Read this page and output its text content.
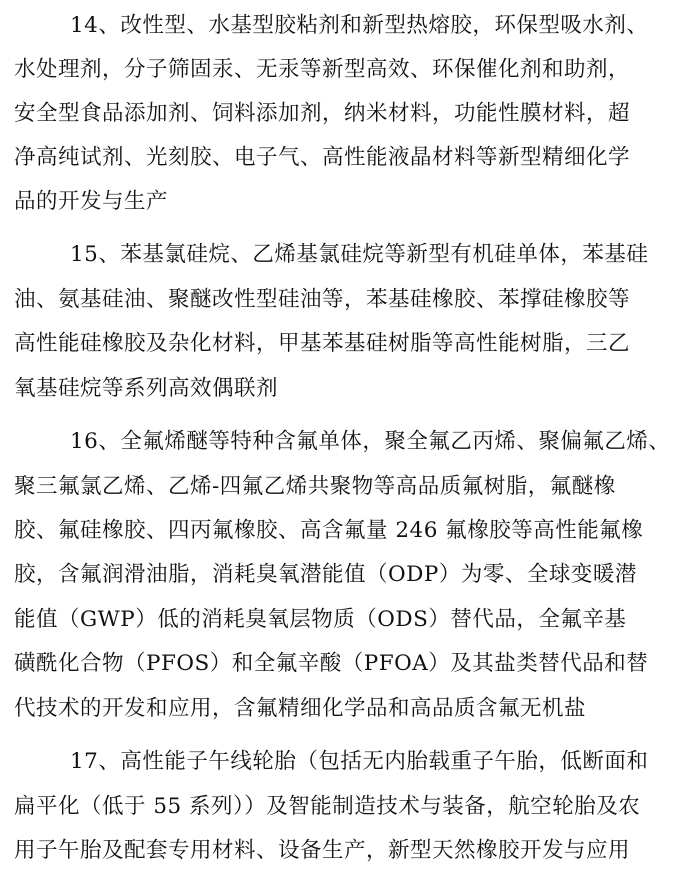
14、改性型、水基型胶粘剂和新型热熔胶，环保型吸水剂、
水处理剂，分子筛固汞、无汞等新型高效、环保催化剂和助剂，
安全型食品添加剂、饲料添加剂，纳米材料，功能性膜材料，超
净高纯试剂、光刻胶、电子气、高性能液晶材料等新型精细化学
品的开发与生产
15、苯基氯硅烷、乙烯基氯硅烷等新型有机硅单体，苯基硅
油、氨基硅油、聚醚改性型硅油等，苯基硅橡胶、苯撑硅橡胶等
高性能硅橡胶及杂化材料，甲基苯基硅树脂等高性能树脂，三乙
氧基硅烷等系列高效偶联剂
16、全氟烯醚等特种含氟单体，聚全氟乙丙烯、聚偏氟乙烯、
聚三氟氯乙烯、乙烯-四氟乙烯共聚物等高品质氟树脂，氟醚橡
胶、氟硅橡胶、四丙氟橡胶、高含氟量 246 氟橡胶等高性能氟橡
胶，含氟润滑油脂，消耗臭氧潜能值（ODP）为零、全球变暖潜
能值（GWP）低的消耗臭氧层物质（ODS）替代品，全氟辛基
磺酰化合物（PFOS）和全氟辛酸（PFOA）及其盐类替代品和替
代技术的开发和应用，含氟精细化学品和高品质含氟无机盐
17、高性能子午线轮胎（包括无内胎载重子午胎，低断面和
扁平化（低于 55 系列））及智能制造技术与装备，航空轮胎及农
用子午胎及配套专用材料、设备生产，新型天然橡胶开发与应用
